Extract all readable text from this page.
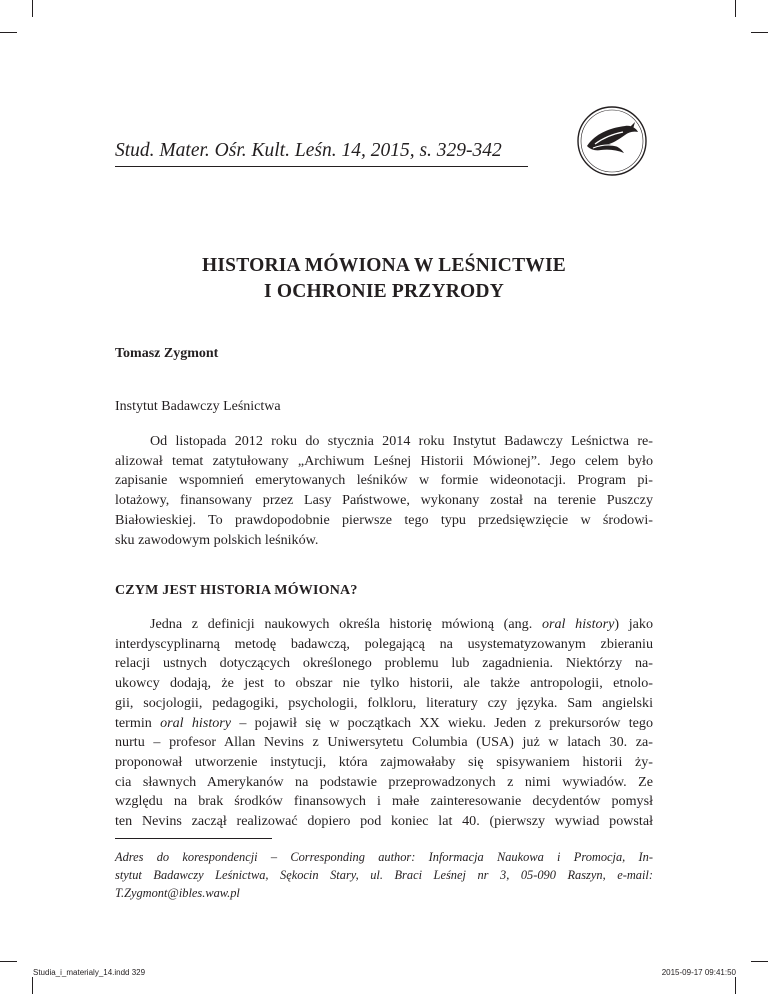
Stud. Mater. Ośr. Kult. Leśn. 14, 2015, s. 329-342

HISTORIA MÓWIONA W LEŚNICTWIE
I OCHRONIE PRZYRODY

Tomasz Zygmont

Instytut Badawczy Leśnictwa

Od listopada 2012 roku do stycznia 2014 roku Instytut Badawczy Leśnictwa re-
alizował temat zatytułowany „Archiwum Leśnej Historii Mówionej”. Jego celem było
zapisanie wspomnień emerytowanych leśników w formie wideonotacji. Program pi-
lotażowy, finansowany przez Lasy Państwowe, wykonany został na terenie Puszczy
Białowieskiej. To prawdopodobnie pierwsze tego typu przedsięwzięcie w środowi-
sku zawodowym polskich leśników.
CZYM JEST HISTORIA MÓWIONA?
Jedna z definicji naukowych określa historię mówioną (ang. oral history) jako
interdyscyplinarną metodę badawczą, polegającą na usystematyzowanym zbieraniu
relacji ustnych dotyczących określonego problemu lub zagadnienia. Niektórzy na-
ukowcy dodają, że jest to obszar nie tylko historii, ale także antropologii, etnolo-
gii, socjologii, pedagogiki, psychologii, folkloru, literatury czy języka. Sam angielski
termin oral history – pojawił się w początkach XX wieku. Jeden z prekursorów tego
nurtu – profesor Allan Nevins z Uniwersytetu Columbia (USA) już w latach 30. za-
proponował utworzenie instytucji, która zajmowałaby się spisywaniem historii ży-
cia sławnych Amerykanów na podstawie przeprowadzonych z nimi wywiadów. Ze
względu na brak środków finansowych i małe zainteresowanie decydentów pomysł
ten Nevins zaczął realizować dopiero pod koniec lat 40. (pierwszy wywiad powstał
Adres do korespondencji – Corresponding author: Informacja Naukowa i Promocja, In-
stytut Badawczy Leśnictwa, Sękocin Stary, ul. Braci Leśnej nr 3, 05-090 Raszyn, e-mail:
T.Zygmont@ibles.waw.pl

Studia_i_materialy_14.indd 329	2015-09-17 09:41:50
